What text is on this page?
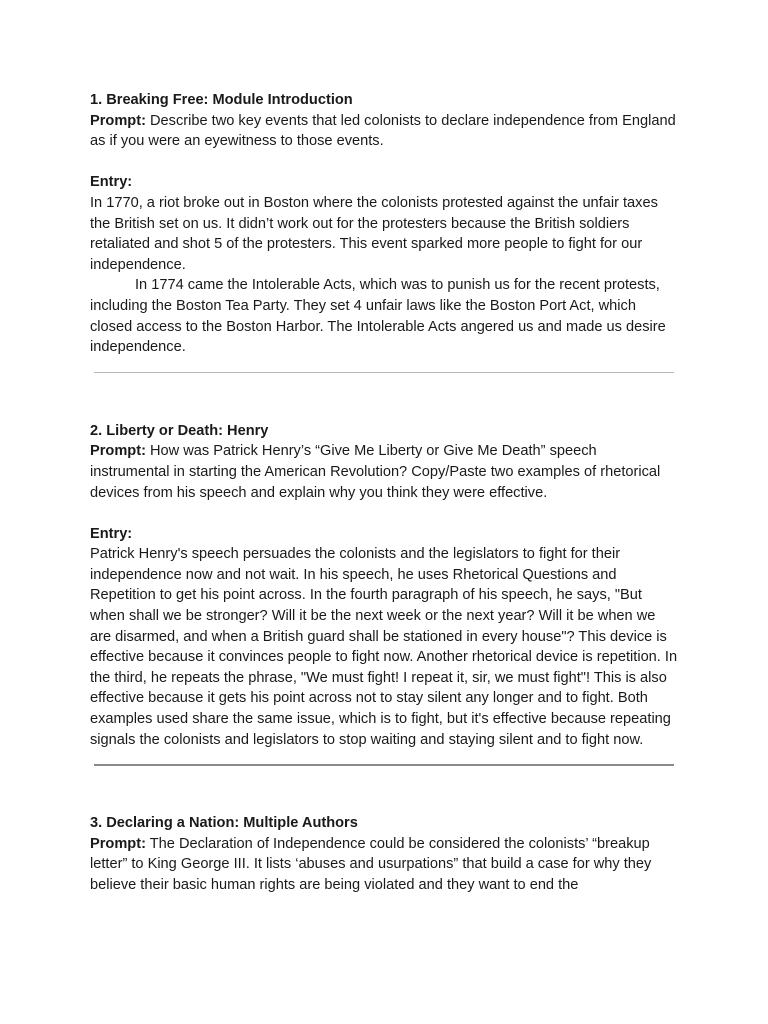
1. Breaking Free: Module Introduction

Prompt: Describe two key events that led colonists to declare independence from England as if you were an eyewitness to those events.

Entry:

In 1770, a riot broke out in Boston where the colonists protested against the unfair taxes the British set on us. It didn’t work out for the protesters because the British soldiers retaliated and shot 5 of the protesters. This event sparked more people to fight for our independence.

In 1774 came the Intolerable Acts, which was to punish us for the recent protests, including the Boston Tea Party. They set 4 unfair laws like the Boston Port Act, which closed access to the Boston Harbor. The Intolerable Acts angered us and made us desire independence.

2. Liberty or Death: Henry

Prompt: How was Patrick Henry’s “Give Me Liberty or Give Me Death” speech instrumental in starting the American Revolution? Copy/Paste two examples of rhetorical devices from his speech and explain why you think they were effective.

Entry:

Patrick Henry's speech persuades the colonists and the legislators to fight for their independence now and not wait. In his speech, he uses Rhetorical Questions and Repetition to get his point across. In the fourth paragraph of his speech, he says, "But when shall we be stronger? Will it be the next week or the next year? Will it be when we are disarmed, and when a British guard shall be stationed in every house"? This device is effective because it convinces people to fight now. Another rhetorical device is repetition. In the third, he repeats the phrase, "We must fight! I repeat it, sir, we must fight"! This is also effective because it gets his point across not to stay silent any longer and to fight. Both examples used share the same issue, which is to fight, but it's effective because repeating signals the colonists and legislators to stop waiting and staying silent and to fight now.

3. Declaring a Nation: Multiple Authors

Prompt: The Declaration of Independence could be considered the colonists’ “breakup letter” to King George III. It lists ‘abuses and usurpations” that build a case for why they believe their basic human rights are being violated and they want to end the
